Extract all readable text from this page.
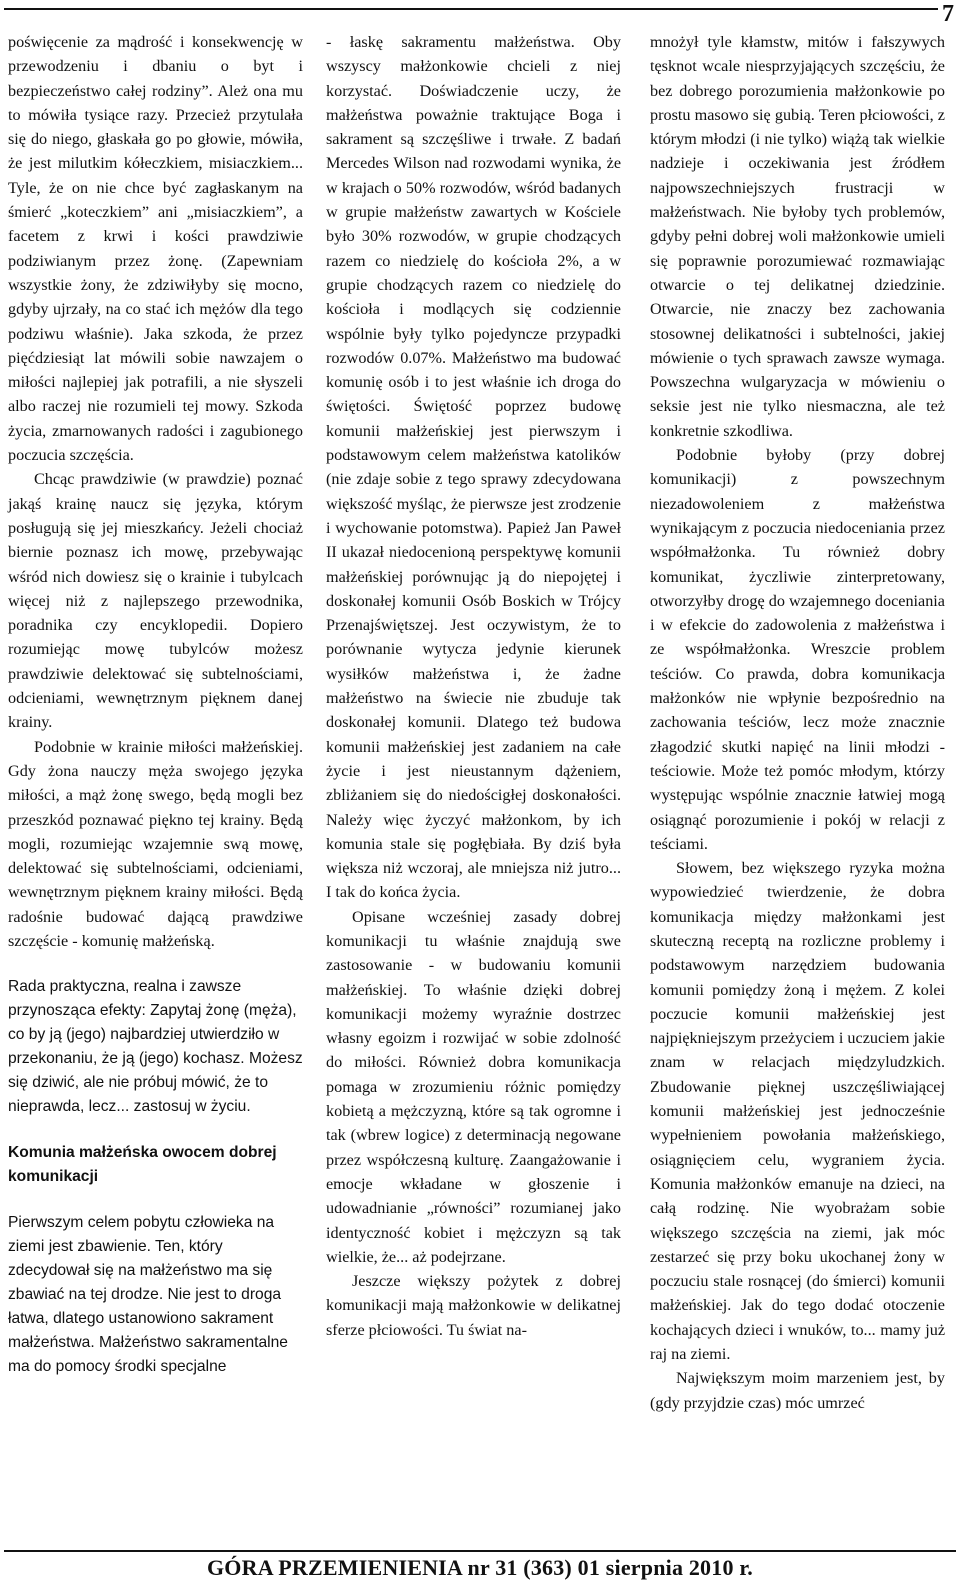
7

poświęcenie za mądrość i konsekwencję w przewodzeniu i dbaniu o byt i bezpieczeństwo całej rodziny”. Ależ ona mu to mówiła tysiące razy. Przecież przytulała się do niego, głaskała go po głowie, mówiła, że jest milutkim kółeczkiem, misiaczkiem... Tyle, że on nie chce być zagłaskanym na śmierć „koteczkiem” ani „misiaczkiem”, a facetem z krwi i kości prawdziwie podziwianym przez żonę. (Zapewniam wszystkie żony, że zdziwiłyby się mocno, gdyby ujrzały, na co stać ich mężów dla tego podziwu właśnie). Jaka szkoda, że przez pięćdziesiąt lat mówili sobie nawzajem o miłości najlepiej jak potrafili, a nie słyszeli albo raczej nie rozumieli tej mowy. Szkoda życia, zmarnowanych radości i zagubionego poczucia szczęścia.

Chcąc prawdziwie (w prawdzie) poznać jakąś krainę naucz się języka, którym posługują się jej mieszkańcy. Jeżeli chociaż biernie poznasz ich mowę, przebywając wśród nich dowiesz się o krainie i tubylcach więcej niż z najlepszego przewodnika, poradnika czy encyklopedii. Dopiero rozumiejąc mowę tubylców możesz prawdziwie delektować się subtelnościami, odcieniami, wewnętrznym pięknem danej krainy.

Podobnie w krainie miłości małżeńskiej. Gdy żona nauczy męża swojego języka miłości, a mąż żonę swego, będą mogli bez przeszkód poznawać piękno tej krainy. Będą mogli, rozumiejąc wzajemnie swą mowę, delektować się subtelnościami, odcieniami, wewnętrznym pięknem krainy miłości. Będą radośnie budować dającą prawdziwe szczęście - komunię małżeńską.

Rada praktyczna, realna i zawsze przynosząca efekty: Zapytaj żonę (męża), co by ją (jego) najbardziej utwierdziło w przekonaniu, że ją (jego) kochasz. Możesz się dziwić, ale nie próbuj mówić, że to nieprawda, lecz... zastosuj w życiu.

Komunia małżeńska owocem dobrej komunikacji

Pierwszym celem pobytu człowieka na ziemi jest zbawienie. Ten, który zdecydował się na małżeństwo ma się zbawiać na tej drodze. Nie jest to droga łatwa, dlatego ustanowiono sakrament małżeństwa. Małżeństwo sakramentalne ma do pomocy środki specjalne

- łaskę sakramentu małżeństwa. Oby wszyscy małżonkowie chcieli z niej korzystać. Doświadczenie uczy, że małżeństwa poważnie traktujące Boga i sakrament są szczęśliwe i trwałe. Z badań Mercedes Wilson nad rozwodami wynika, że w krajach o 50% rozwodów, wśród badanych w grupie małżeństw zawartych w Kościele było 30% rozwodów, w grupie chodzących razem co niedzielę do kościoła 2%, a w grupie chodzących razem co niedzielę do kościoła i modlących się codziennie wspólnie były tylko pojedyncze przypadki rozwodów 0.07%. Małżeństwo ma budować komunię osób i to jest właśnie ich droga do świętości. Świętość poprzez budowę komunii małżeńskiej jest pierwszym i podstawowym celem małżeństwa katolików (nie zdaje sobie z tego sprawy zdecydowana większość myśląc, że pierwsze jest zrodzenie i wychowanie potomstwa). Papież Jan Paweł II ukazał niedocenioną perspektywę komunii małżeńskiej porównując ją do niepojętej i doskonałej komunii Osób Boskich w Trójcy Przenajświętszej. Jest oczywistym, że to porównanie wytycza jedynie kierunek wysiłków małżeństwa i, że żadne małżeństwo na świecie nie zbuduje tak doskonałej komunii. Dlatego też budowa komunii małżeńskiej jest zadaniem na całe życie i jest nieustannym dążeniem, zbliżaniem się do niedościgłej doskonałości. Należy więc życzyć małżonkom, by ich komunia stale się pogłębiała. By dziś była większa niż wczoraj, ale mniejsza niż jutro... I tak do końca życia.

Opisane wcześniej zasady dobrej komunikacji tu właśnie znajdują swe zastosowanie - w budowaniu komunii małżeńskiej. To właśnie dzięki dobrej komunikacji możemy wyraźnie dostrzec własny egoizm i rozwijać w sobie zdolność do miłości. Również dobra komunikacja pomaga w zrozumieniu różnic pomiędzy kobietą a mężczyzną, które są tak ogromne i tak (wbrew logice) z determinacją negowane przez współczesną kulturę. Zaangażowanie i emocje wkładane w głoszenie i udowadnianie „równości” rozumianej jako identyczność kobiet i mężczyzn są tak wielkie, że... aż podejrzane.

Jeszcze większy pożytek z dobrej komunikacji mają małżonkowie w delikatnej sferze płciowości. Tu świat na-

mnożył tyle kłamstw, mitów i fałszywych tęsknot wcale niesprzyjających szczęściu, że bez dobrego porozumienia małżonkowie po prostu masowo się gubią. Teren płciowości, z którym młodzi (i nie tylko) wiążą tak wielkie nadzieje i oczekiwania jest źródłem najpowszechniejszych frustracji w małżeństwach. Nie byłoby tych problemów, gdyby pełni dobrej woli małżonkowie umieli się poprawnie porozumiewać rozmawiając otwarcie o tej delikatnej dziedzinie. Otwarcie, nie znaczy bez zachowania stosownej delikatności i subtelności, jakiej mówienie o tych sprawach zawsze wymaga. Powszechna wulgaryzacja w mówieniu o seksie jest nie tylko niesmaczna, ale też konkretnie szkodliwa.

Podobnie byłoby (przy dobrej komunikacji) z powszechnym niezadowoleniem z małżeństwa wynikającym z poczucia niedoceniania przez współmałżonka. Tu również dobry komunikat, życzliwie zinterpretowany, otworzyłby drogę do wzajemnego doceniania i w efekcie do zadowolenia z małżeństwa i ze współmałżonka. Wreszcie problem teściów. Co prawda, dobra komunikacja małżonków nie wpłynie bezpośrednio na zachowania teściów, lecz może znacznie złagodzić skutki napięć na linii młodzi - teściowie. Może też pomóc młodym, którzy występując wspólnie znacznie łatwiej mogą osiągnąć porozumienie i pokój w relacji z teściami.

Słowem, bez większego ryzyka można wypowiedzieć twierdzenie, że dobra komunikacja między małżonkami jest skuteczną receptą na rozliczne problemy i podstawowym narzędziem budowania komunii pomiędzy żoną i mężem. Z kolei poczucie komunii małżeńskiej jest najpiękniejszym przeżyciem i uczuciem jakie znam w relacjach międzyludzkich. Zbudowanie pięknej uszczęśliwiającej komunii małżeńskiej jest jednocześnie wypełnieniem powołania małżeńskiego, osiągnięciem celu, wygraniem życia. Komunia małżonków emanuje na dzieci, na całą rodzinę. Nie wyobrażam sobie większego szczęścia na ziemi, jak móc zestarzeć się przy boku ukochanej żony w poczuciu stale rosnącej (do śmierci) komunii małżeńskiej. Jak do tego dodać otoczenie kochających dzieci i wnuków, to... mamy już raj na ziemi.

Największym moim marzeniem jest, by (gdy przyjdzie czas) móc umrzeć

GÓRA PRZEMIENIENIA nr 31 (363) 01 sierpnia 2010 r.
